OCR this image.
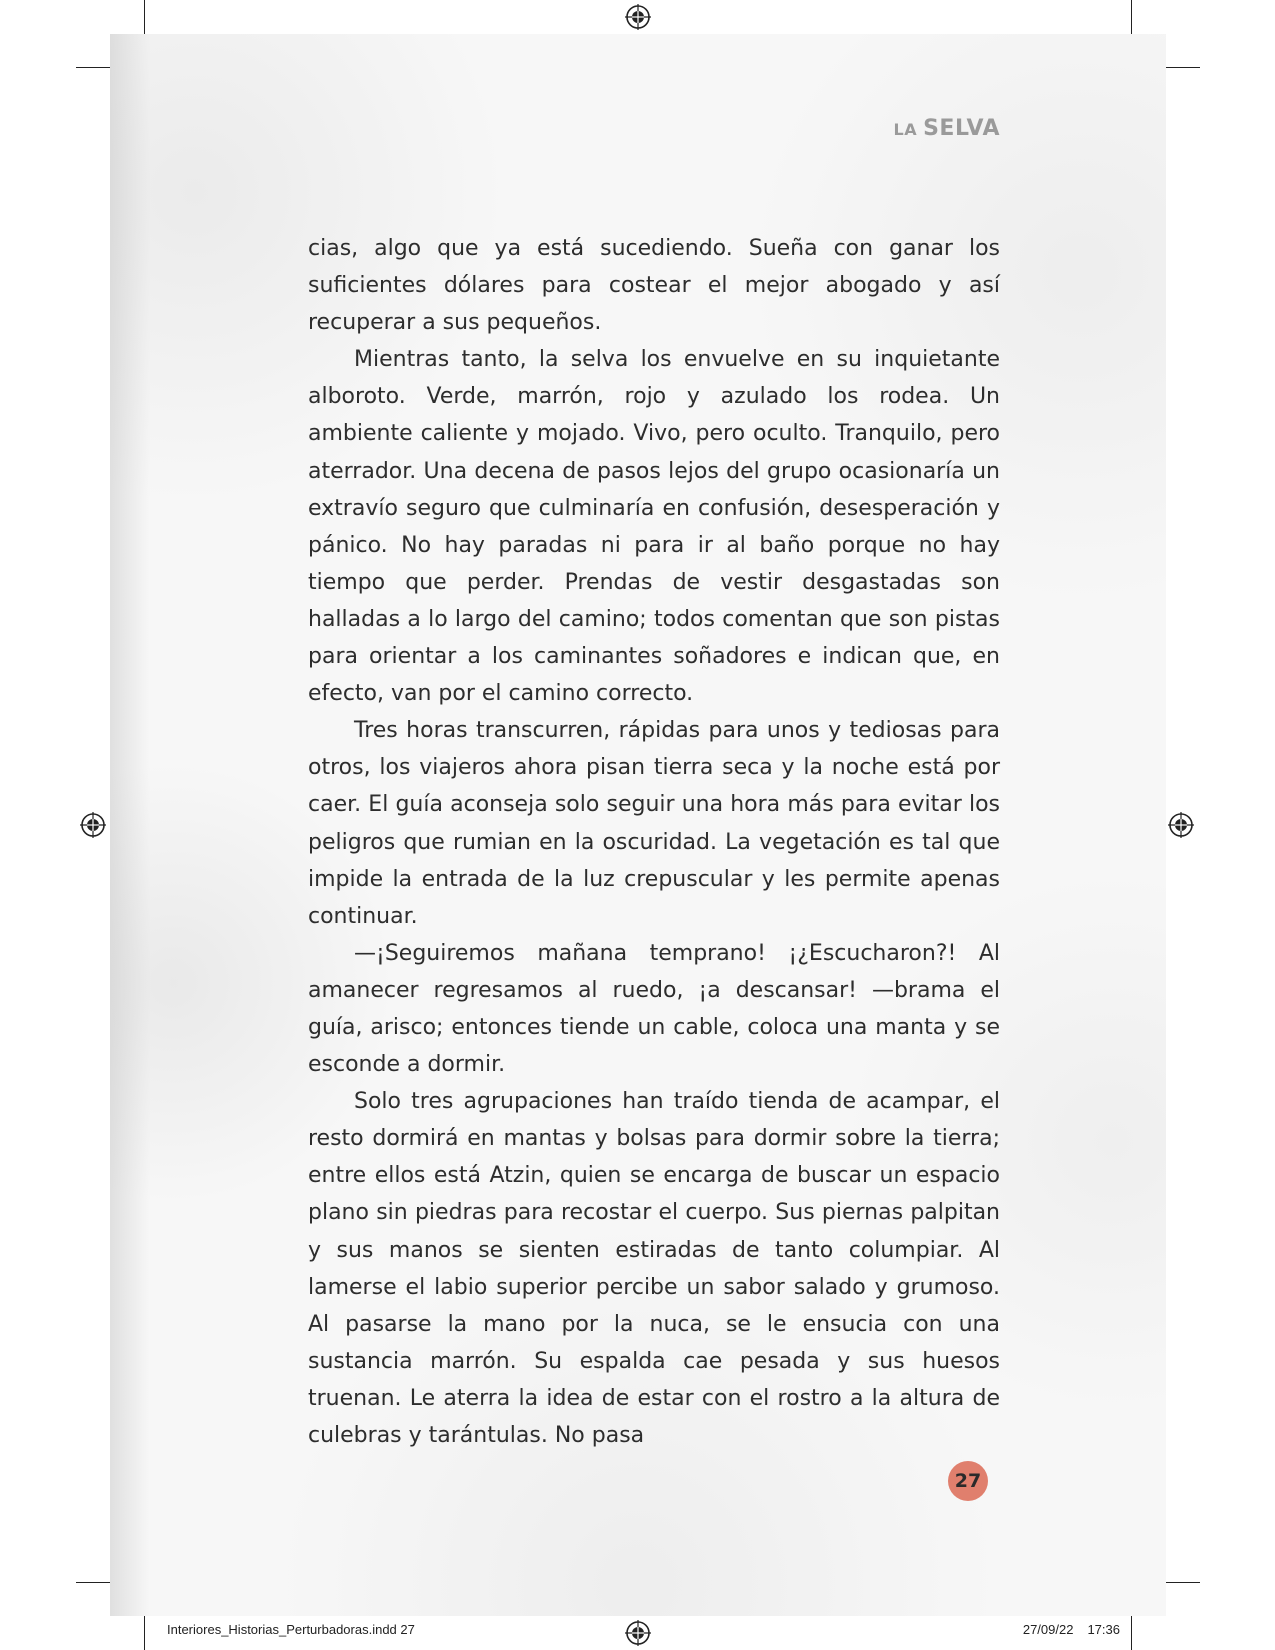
LA SELVA

cias, algo que ya está sucediendo. Sueña con ganar los suficientes dólares para costear el mejor abogado y así recuperar a sus pequeños.

Mientras tanto, la selva los envuelve en su inquietante alboroto. Verde, marrón, rojo y azulado los rodea. Un ambiente caliente y mojado. Vivo, pero oculto. Tranquilo, pero aterrador. Una decena de pasos lejos del grupo ocasionaría un extravío seguro que culminaría en confusión, desesperación y pánico. No hay paradas ni para ir al baño porque no hay tiempo que perder. Prendas de vestir desgastadas son halladas a lo largo del camino; todos comentan que son pistas para orientar a los caminantes soñadores e indican que, en efecto, van por el camino correcto.

Tres horas transcurren, rápidas para unos y tediosas para otros, los viajeros ahora pisan tierra seca y la noche está por caer. El guía aconseja solo seguir una hora más para evitar los peligros que rumian en la oscuridad. La vegetación es tal que impide la entrada de la luz crepuscular y les permite apenas continuar.

—¡Seguiremos mañana temprano! ¡¿Escucharon?! Al amanecer regresamos al ruedo, ¡a descansar! —brama el guía, arisco; entonces tiende un cable, coloca una manta y se esconde a dormir.

Solo tres agrupaciones han traído tienda de acampar, el resto dormirá en mantas y bolsas para dormir sobre la tierra; entre ellos está Atzin, quien se encarga de buscar un espacio plano sin piedras para recostar el cuerpo. Sus piernas palpitan y sus manos se sienten estiradas de tanto columpiar. Al lamerse el labio superior percibe un sabor salado y grumoso. Al pasarse la mano por la nuca, se le ensucia con una sustancia marrón. Su espalda cae pesada y sus huesos truenan. Le aterra la idea de estar con el rostro a la altura de culebras y tarántulas. No pasa

27
Interiores_Historias_Perturbadoras.indd 27	27/09/22 17:36
